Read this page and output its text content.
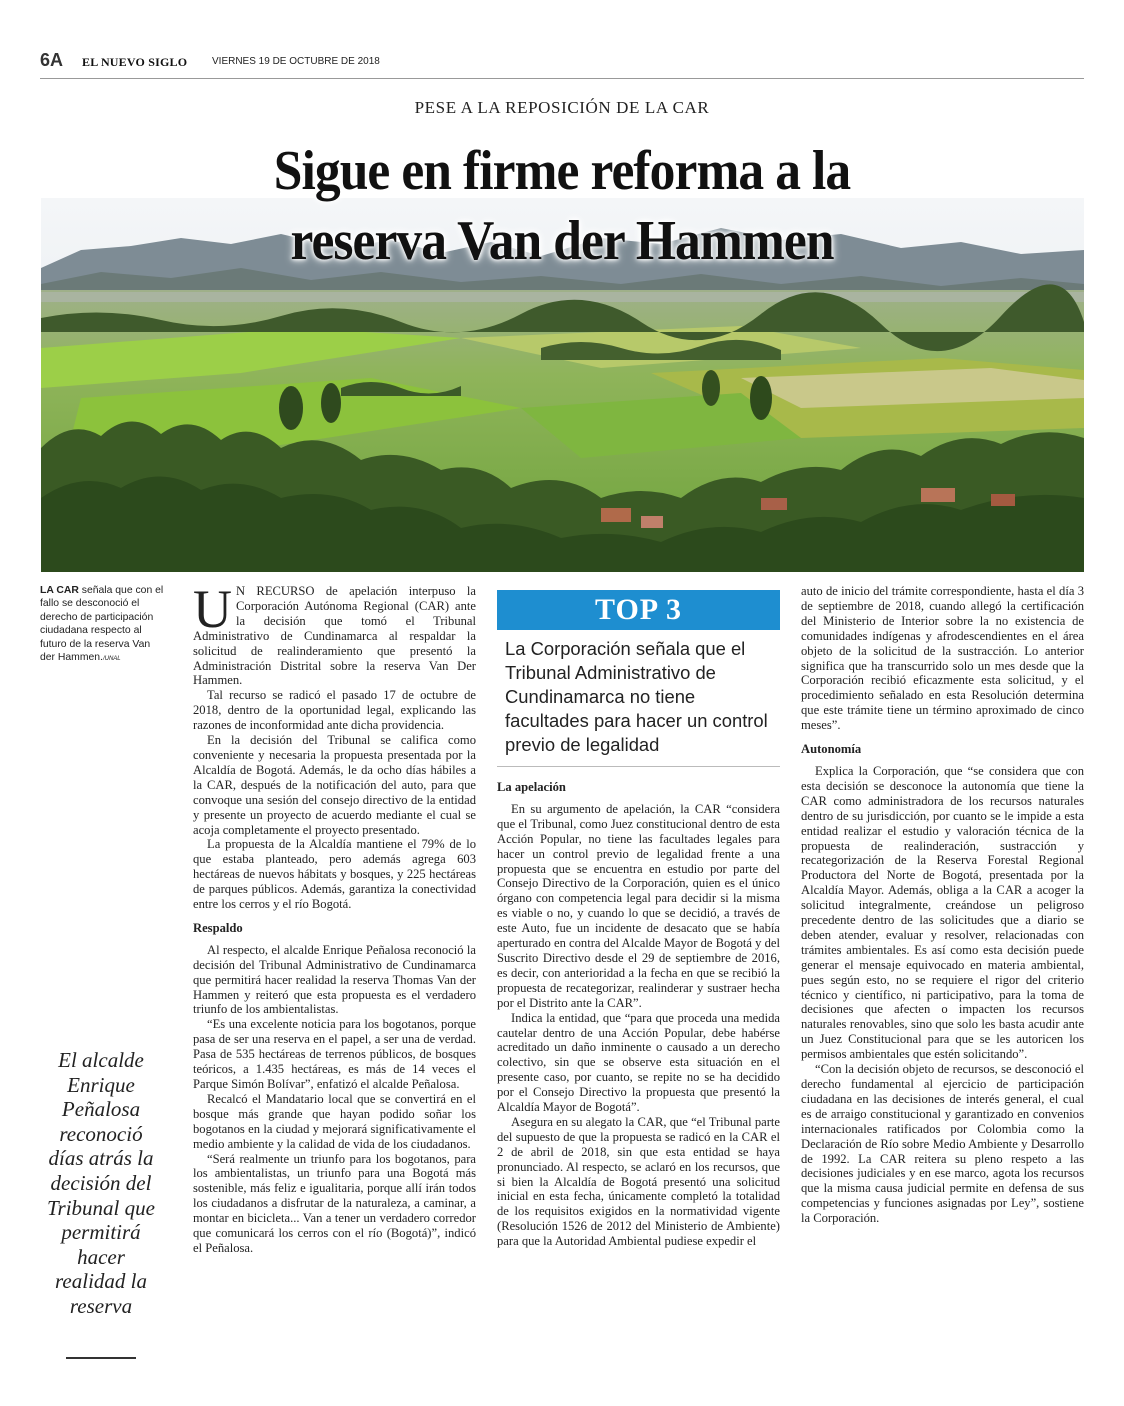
6A EL NUEVO SIGLO VIERNES 19 DE OCTUBRE DE 2018
PESE A LA REPOSICIÓN DE LA CAR
Sigue en firme reforma a la
reserva Van der Hammen
LA CAR señala que con el fallo se desconoció el derecho de participación ciudadana respecto al futuro de la reserva Van der Hammen./UNAL
El alcalde Enrique Peñalosa reconoció días atrás la decisión del Tribunal que permitirá hacer realidad la reserva

U N RECURSO de apelación interpuso la Corporación Autónoma Regional (CAR) ante la decisión que tomó el Tribunal Administrativo de Cundinamarca al respaldar la solicitud de realinderamiento que presentó la Administración Distrital sobre la reserva Van Der Hammen.

Tal recurso se radicó el pasado 17 de octubre de 2018, dentro de la oportunidad legal, explicando las razones de inconformidad ante dicha providencia.

En la decisión del Tribunal se califica como conveniente y necesaria la propuesta presentada por la Alcaldía de Bogotá. Además, le da ocho días hábiles a la CAR, después de la notificación del auto, para que convoque una sesión del consejo directivo de la entidad y presente un proyecto de acuerdo mediante el cual se acoja completamente el proyecto presentado.

La propuesta de la Alcaldía mantiene el 79% de lo que estaba planteado, pero además agrega 603 hectáreas de nuevos hábitats y bosques, y 225 hectáreas de parques públicos. Además, garantiza la conectividad entre los cerros y el río Bogotá.

Respaldo

Al respecto, el alcalde Enrique Peñalosa reconoció la decisión del Tribunal Administrativo de Cundinamarca que permitirá hacer realidad la reserva Thomas Van der Hammen y reiteró que esta propuesta es el verdadero triunfo de los ambientalistas.

“Es una excelente noticia para los bogotanos, porque pasa de ser una reserva en el papel, a ser una de verdad. Pasa de 535 hectáreas de terrenos públicos, de bosques teóricos, a 1.435 hectáreas, es más de 14 veces el Parque Simón Bolívar”, enfatizó el alcalde Peñalosa.

Recalcó el Mandatario local que se convertirá en el bosque más grande que hayan podido soñar los bogotanos en la ciudad y mejorará significativamente el medio ambiente y la calidad de vida de los ciudadanos.

“Será realmente un triunfo para los bogotanos, para los ambientalistas, un triunfo para una Bogotá más sostenible, más feliz e igualitaria, porque allí irán todos los ciudadanos a disfrutar de la naturaleza, a caminar, a montar en bicicleta... Van a tener un verdadero corredor que comunicará los cerros con el río (Bogotá)”, indicó el Peñalosa.

TOP 3
La Corporación señala que el Tribunal Administrativo de Cundinamarca no tiene facultades para hacer un control previo de legalidad
La apelación

En su argumento de apelación, la CAR “considera que el Tribunal, como Juez constitucional dentro de esta Acción Popular, no tiene las facultades legales para hacer un control previo de legalidad frente a una propuesta que se encuentra en estudio por parte del Consejo Directivo de la Corporación, quien es el único órgano con competencia legal para decidir si la misma es viable o no, y cuando lo que se decidió, a través de este Auto, fue un incidente de desacato que se había aperturado en contra del Alcalde Mayor de Bogotá y del Suscrito Directivo desde el 29 de septiembre de 2016, es decir, con anterioridad a la fecha en que se recibió la propuesta de recategorizar, realinderar y sustraer hecha por el Distrito ante la CAR”.

Indica la entidad, que “para que proceda una medida cautelar dentro de una Acción Popular, debe habérse acreditado un daño inminente o causado a un derecho colectivo, sin que se observe esta situación en el presente caso, por cuanto, se repite no se ha decidido por el Consejo Directivo la propuesta que presentó la Alcaldía Mayor de Bogotá”.

Asegura en su alegato la CAR, que “el Tribunal parte del supuesto de que la propuesta se radicó en la CAR el 2 de abril de 2018, sin que esta entidad se haya pronunciado. Al respecto, se aclaró en los recursos, que si bien la Alcaldía de Bogotá presentó una solicitud inicial en esta fecha, únicamente completó la totalidad de los requisitos exigidos en la normatividad vigente (Resolución 1526 de 2012 del Ministerio de Ambiente) para que la Autoridad Ambiental pudiese expedir el

auto de inicio del trámite correspondiente, hasta el día 3 de septiembre de 2018, cuando allegó la certificación del Ministerio de Interior sobre la no existencia de comunidades indígenas y afrodescendientes en el área objeto de la solicitud de la sustracción. Lo anterior significa que ha transcurrido solo un mes desde que la Corporación recibió eficazmente esta solicitud, y el procedimiento señalado en esta Resolución determina que este trámite tiene un término aproximado de cinco meses”.

Autonomía

Explica la Corporación, que “se considera que con esta decisión se desconoce la autonomía que tiene la CAR como administradora de los recursos naturales dentro de su jurisdicción, por cuanto se le impide a esta entidad realizar el estudio y valoración técnica de la propuesta de realinderación, sustracción y recategorización de la Reserva Forestal Regional Productora del Norte de Bogotá, presentada por la Alcaldía Mayor. Además, obliga a la CAR a acoger la solicitud integralmente, creándose un peligroso precedente dentro de las solicitudes que a diario se deben atender, evaluar y resolver, relacionadas con trámites ambientales. Es así como esta decisión puede generar el mensaje equivocado en materia ambiental, pues según esto, no se requiere el rigor del criterio técnico y científico, ni participativo, para la toma de decisiones que afecten o impacten los recursos naturales renovables, sino que solo les basta acudir ante un Juez Constitucional para que se les autoricen los permisos ambientales que estén solicitando”.

“Con la decisión objeto de recursos, se desconoció el derecho fundamental al ejercicio de participación ciudadana en las decisiones de interés general, el cual es de arraigo constitucional y garantizado en convenios internacionales ratificados por Colombia como la Declaración de Río sobre Medio Ambiente y Desarrollo de 1992. La CAR reitera su pleno respeto a las decisiones judiciales y en ese marco, agota los recursos que la misma causa judicial permite en defensa de sus competencias y funciones asignadas por Ley”, sostiene la Corporación.
